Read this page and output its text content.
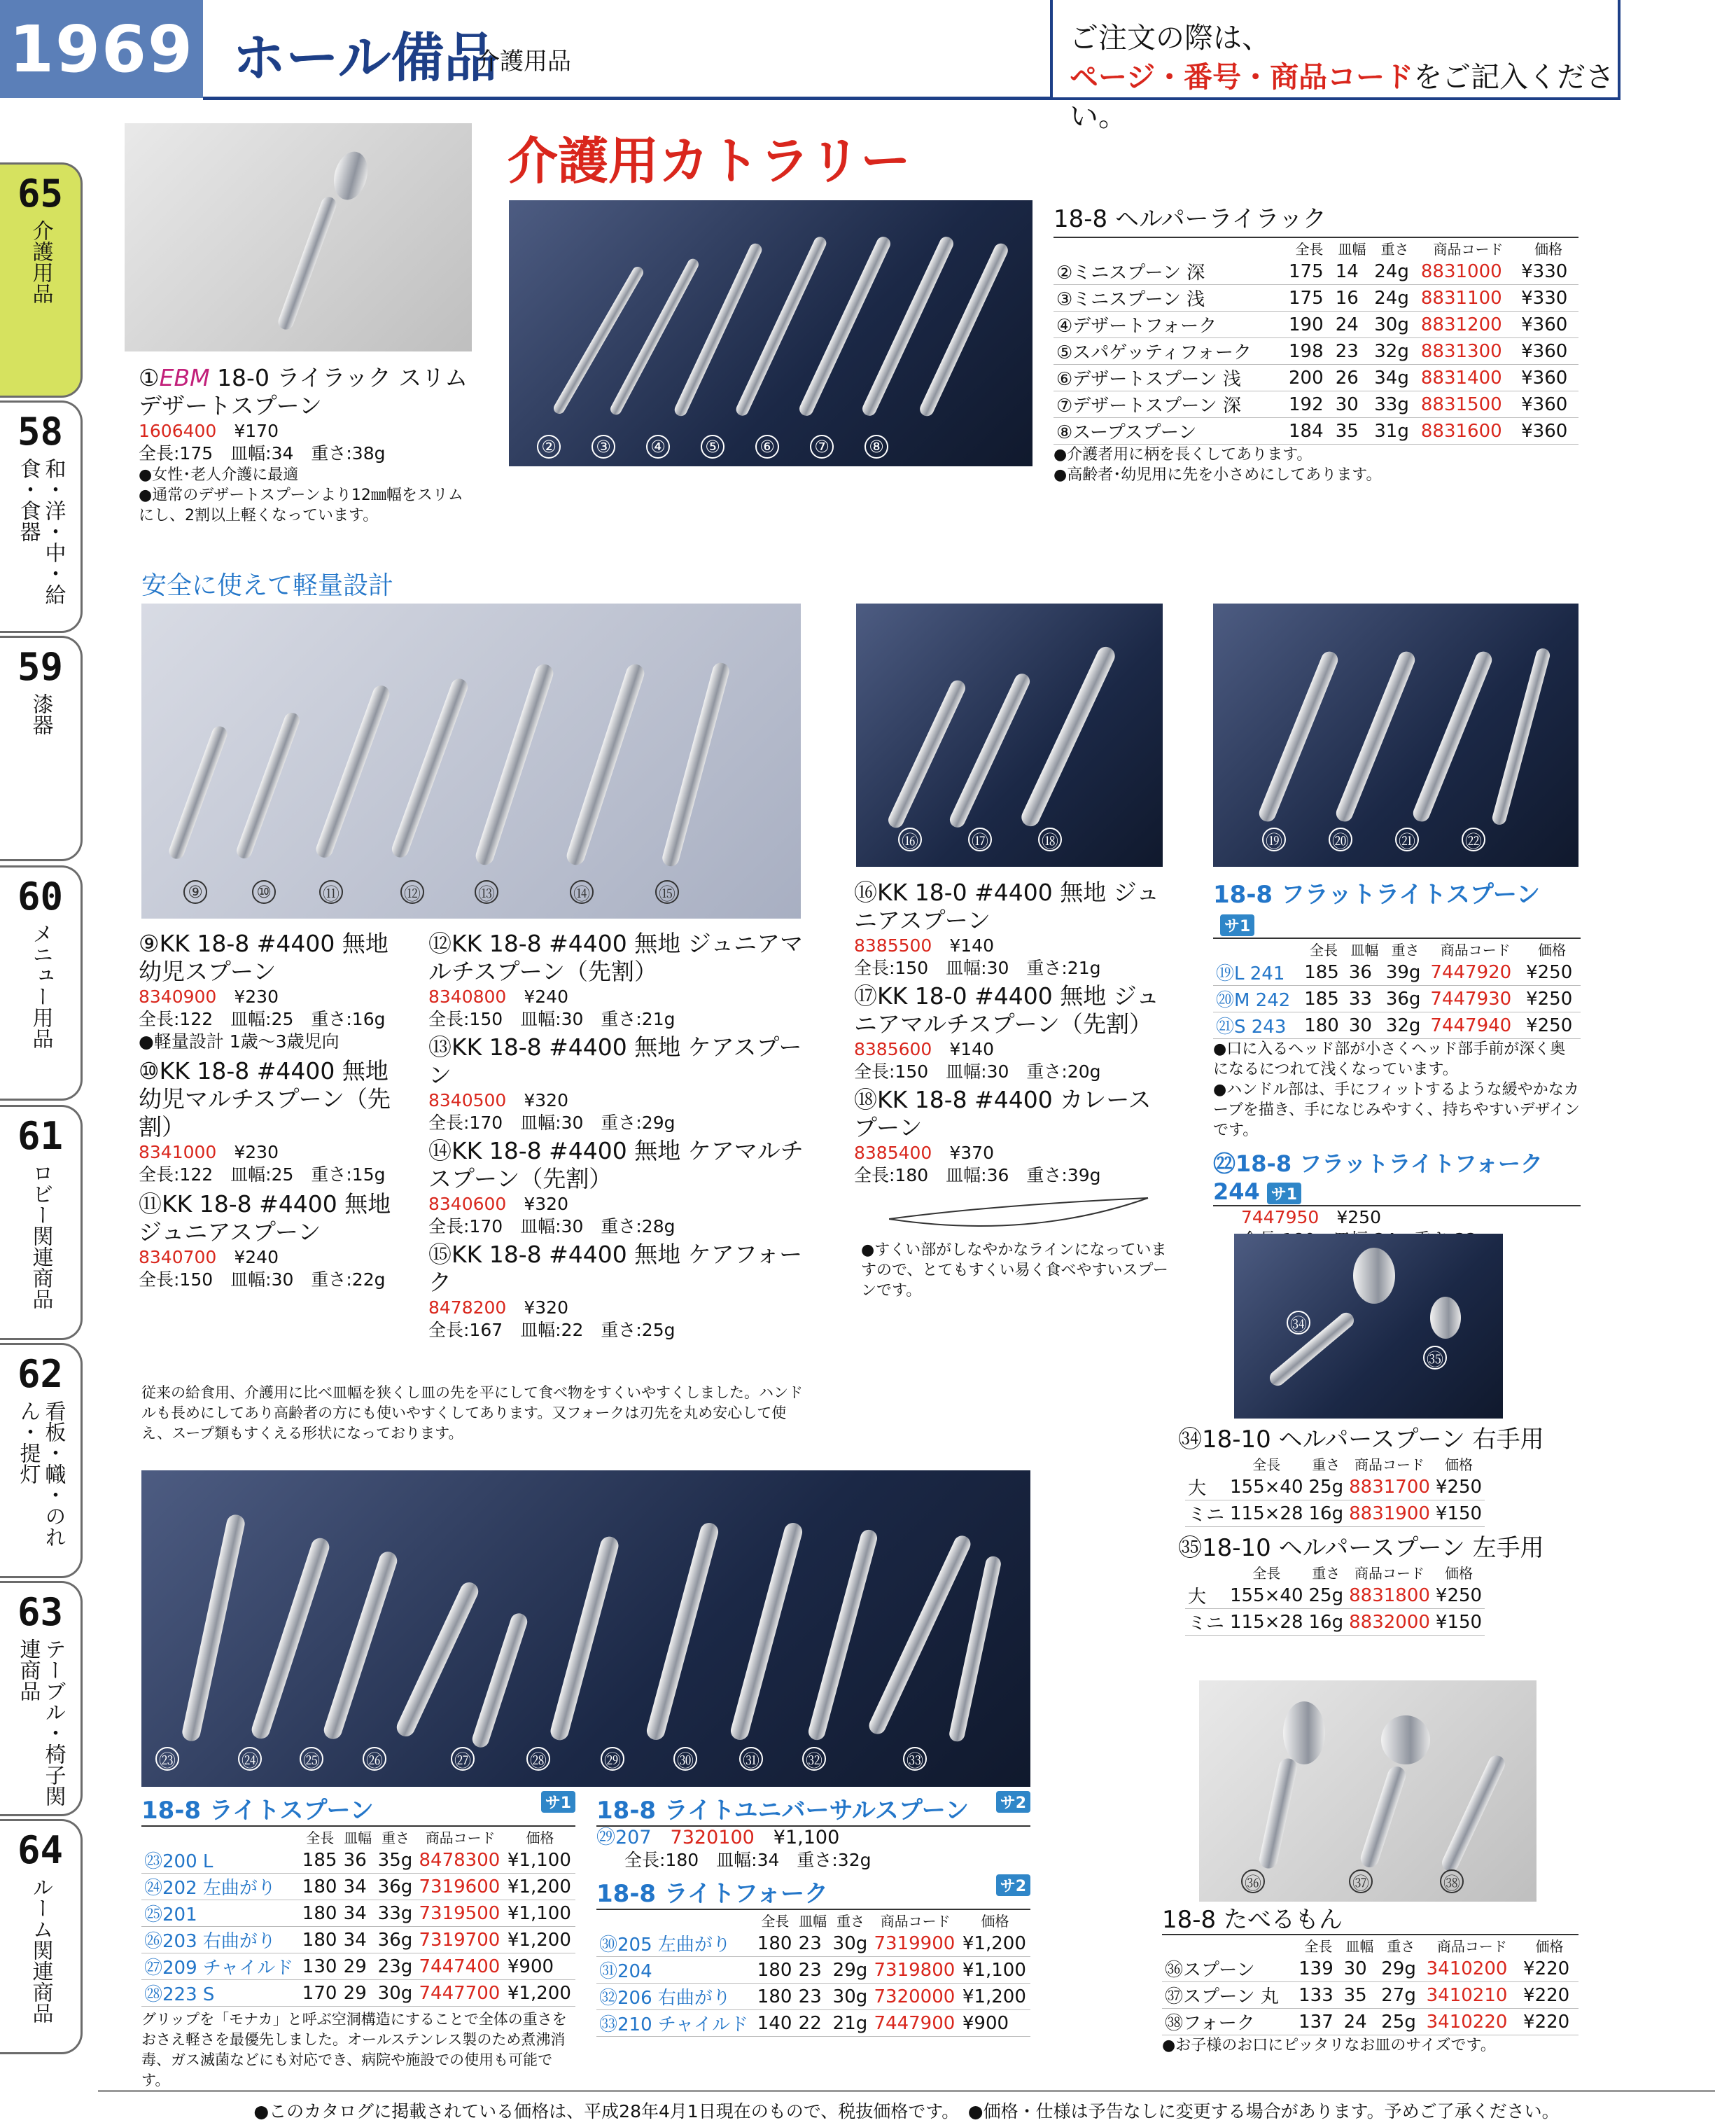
1969 ホール備品
介護用品
ご注文の際は、
ページ・番号・商品コードをご記入ください。
65
介護用品
58
和・洋・中・給食・食器
59
漆器
60
メニュー用品
61
ロビー関連商品
62
看板・幟・のれん・提灯
63
テーブル・椅子関連商品
64
ルーム関連商品
介護用カトラリー
①EBM 18-0 ライラック スリム デザートスプーン
1606400　 ¥170
全長:175　皿幅:34　重さ:38g
●女性･老人介護に最適
●通常のデザートスプーンより12㎜幅をスリムにし、2割以上軽くなっています。
② ③ ④ ⑤ ⑥ ⑦ ⑧
18-8 ヘルパーライラック
	全長	皿幅	重さ	商品コード	価格
②ミニスプーン 深	175	14	24g	8831000	¥330
③ミニスプーン 浅	175	16	24g	8831100	¥330
④デザートフォーク	190	24	30g	8831200	¥360
⑤スパゲッティフォーク	198	23	32g	8831300	¥360
⑥デザートスプーン 浅	200	26	34g	8831400	¥360
⑦デザートスプーン 深	192	30	33g	8831500	¥360
⑧スープスプーン	184	35	31g	8831600	¥360
●介護者用に柄を長くしてあります。
●高齢者･幼児用に先を小さめにしてあります。
安全に使えて軽量設計
⑨	⑩	⑪	⑫	⑬	⑭	⑮
⑨KK 18-8 #4400 無地 幼児スプーン
8340900　 ¥230
全長:122　皿幅:25　重さ:16g
●軽量設計 1歳～3歳児向
⑩KK 18-8 #4400 無地 幼児マルチスプーン（先割）
8341000　 ¥230
全長:122　皿幅:25　重さ:15g
⑪KK 18-8 #4400 無地 ジュニアスプーン
8340700　 ¥240
全長:150　皿幅:30　重さ:22g
⑫KK 18-8 #4400 無地 ジュニアマルチスプーン（先割）
8340800　 ¥240
全長:150　皿幅:30　重さ:21g
⑬KK 18-8 #4400 無地 ケアスプーン
8340500　 ¥320
全長:170　皿幅:30　重さ:29g
⑭KK 18-8 #4400 無地 ケアマルチスプーン（先割）
8340600　 ¥320
全長:170　皿幅:30　重さ:28g
⑮KK 18-8 #4400 無地 ケアフォーク
8478200　 ¥320
全長:167　皿幅:22　重さ:25g
従来の給食用、介護用に比べ皿幅を狭くし皿の先を平にして食べ物をすくいやすくしました。ハンドルも長めにしてあり高齢者の方にも使いやすくしてあります。又フォークは刃先を丸め安心して使え、スープ類もすくえる形状になっております。
⑯	⑰	⑱
⑯KK 18-0 #4400 無地 ジュニアスプーン
8385500　 ¥140
全長:150　皿幅:30　重さ:21g
⑰KK 18-0 #4400 無地 ジュニアマルチスプーン（先割）
8385600　 ¥140
全長:150　皿幅:30　重さ:20g
⑱KK 18-8 #4400 カレースプーン
8385400　 ¥370
全長:180　皿幅:36　重さ:39g
●すくい部がしなやかなラインになっていますので、とてもすくい易く食べやすいスプーンです。
⑲	⑳	㉑	㉒
18-8 フラットライトスプーンサ1
	全長	皿幅	重さ	商品コード	価格
⑲L 241	185	36	39g	7447920	¥250
⑳M 242	185	33	36g	7447930	¥250
㉑S 243	180	30	32g	7447940	¥250
●口に入るヘッド部が小さくヘッド部手前が深く奥になるにつれて浅くなっています。
●ハンドル部は、手にフィットするような緩やかなカーブを描き、手になじみやすく、持ちやすいデザインです。
㉒18-8 フラットライトフォーク 244 サ1
7447950　 ¥250
㉞
㉟
㉞18-10 ヘルパースプーン 右手用
	全長	重さ	商品コード	価格
大	155×40	25g	8831700	¥250
ミニ	115×28	16g	8831900	¥150
㉟18-10 ヘルパースプーン 左手用
	全長	重さ	商品コード	価格
大	155×40	25g	8831800	¥250
ミニ	115×28	16g	8832000	¥150
㉓	㉔	㉕	㉖	㉗	㉘	㉙	㉚	㉛	㉜	㉝
18-8 ライトスプーン	サ1
	全長	皿幅	重さ	商品コード	価格
㉓200 L	185	36	35g	8478300	¥1,100
㉔202 左曲がり	180	34	36g	7319600	¥1,200
㉕201	180	34	33g	7319500	¥1,100
㉖203 右曲がり	180	34	36g	7319700	¥1,200
㉗209 チャイルド	130	29	23g	7447400	¥900
㉘223 S	170	29	30g	7447700	¥1,200
グリップを「モナカ」と呼ぶ空洞構造にすることで全体の重さをおさえ軽さを最優先しました。オールステンレス製のため煮沸消毒、ガス滅菌などにも対応でき、病院や施設での使用も可能です。
18-8 ライトユニバーサルスプーン サ2
㉙207　 7320100　 ¥1,100
全長:180　皿幅:34　重さ:32g
18-8 ライトフォーク	サ2
	全長	皿幅	重さ	商品コード	価格
㉚205 左曲がり	180	23	30g	7319900	¥1,200
㉛204	180	23	29g	7319800	¥1,100
㉜206 右曲がり	180	23	30g	7320000	¥1,200
㉝210 チャイルド	140	22	21g	7447900	¥900
㊱	㊲	㊳
18-8 たべるもん
	全長	皿幅	重さ	商品コード	価格
㊱スプーン	139	30	29g	3410200	¥220
㊲スプーン 丸	133	35	27g	3410210	¥220
㊳フォーク	137	24	25g	3410220	¥220
●お子様のお口にピッタリなお皿のサイズです。
●このカタログに掲載されている価格は、平成28年4月1日現在のもので、税抜価格です。　●価格・仕様は予告なしに変更する場合があります。予めご了承ください。
